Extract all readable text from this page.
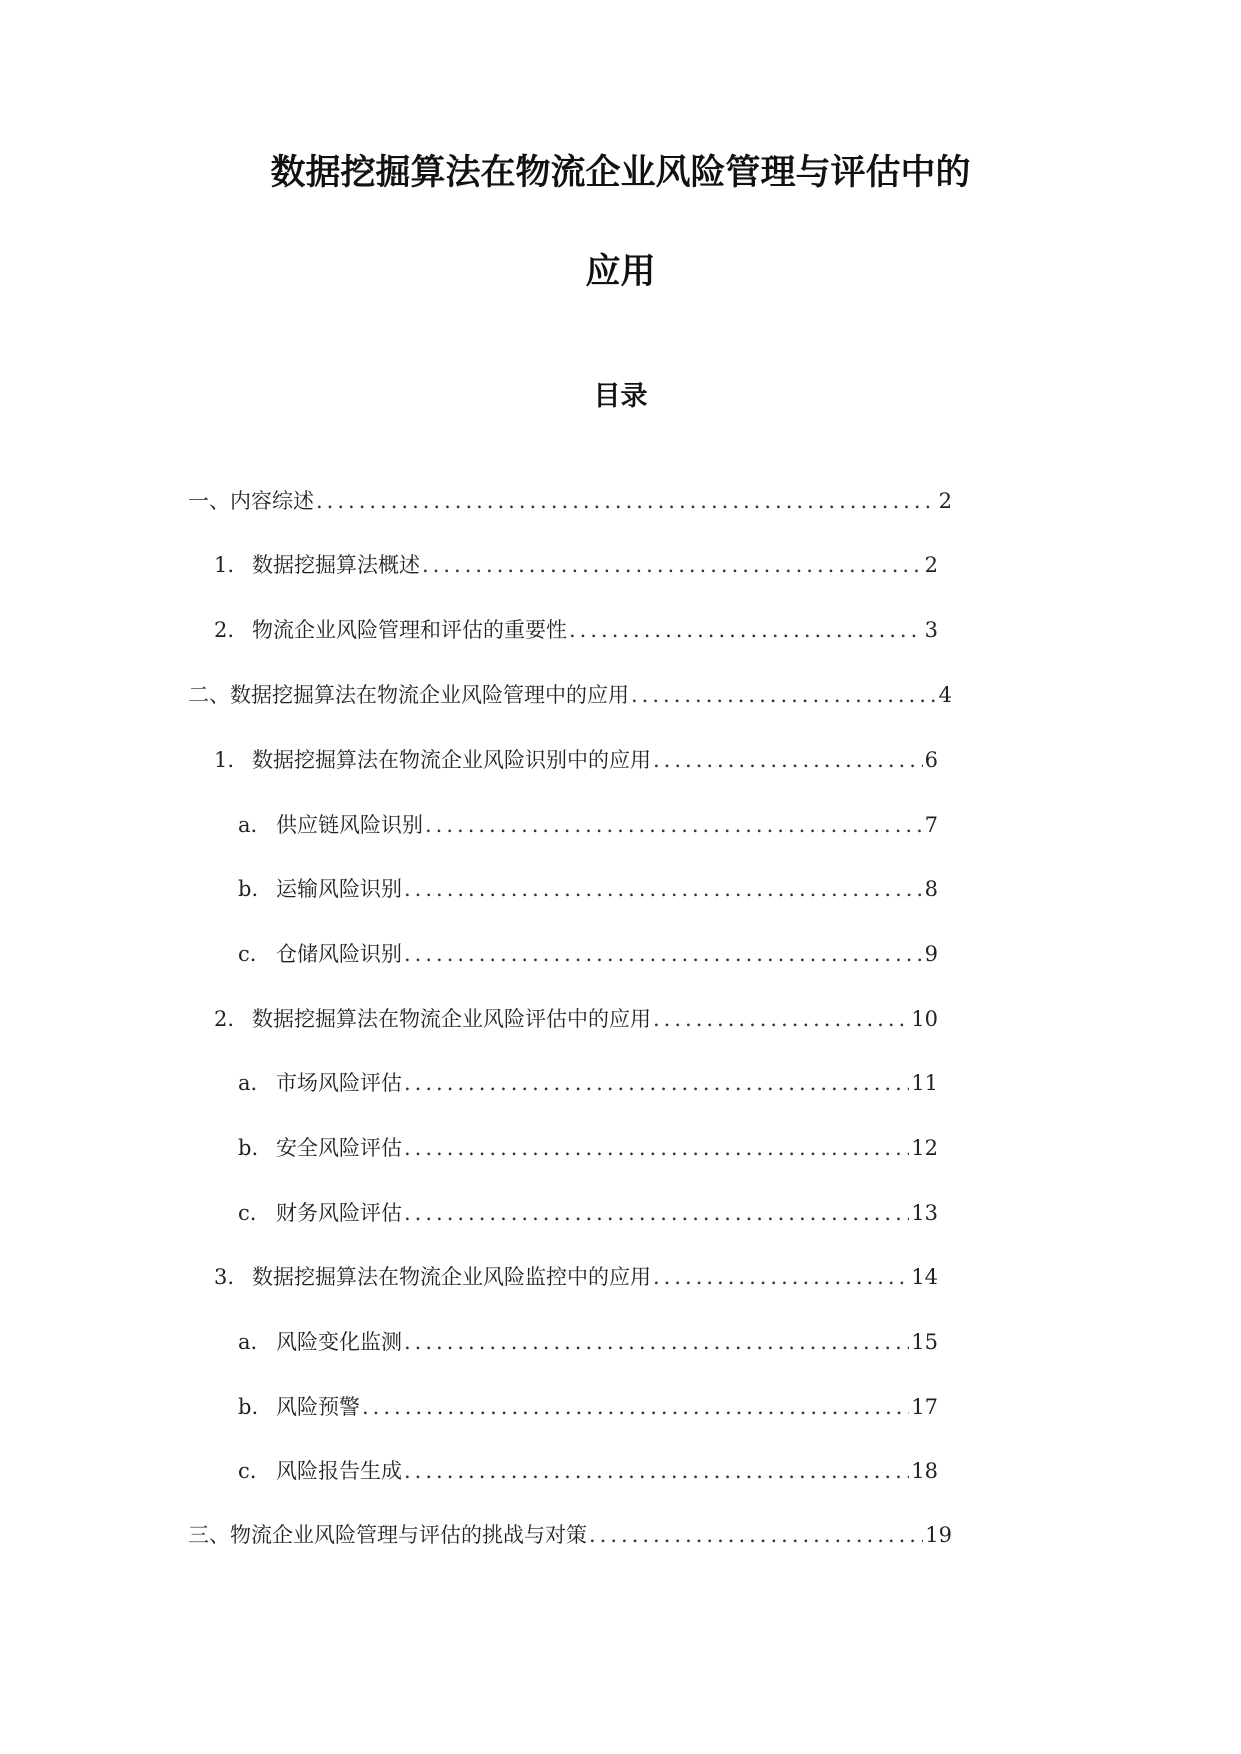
数据挖掘算法在物流企业风险管理与评估中的
应用
目录
一、内容综述 .....	2
1. 数据挖掘算法概述 .....	2
2. 物流企业风险管理和评估的重要性 .....	3
二、数据挖掘算法在物流企业风险管理中的应用 .....	4
1. 数据挖掘算法在物流企业风险识别中的应用 .....	6
a. 供应链风险识别 .....	7
b. 运输风险识别 .....	8
c. 仓储风险识别 .....	9
2. 数据挖掘算法在物流企业风险评估中的应用 .....	10
a. 市场风险评估 .....	11
b. 安全风险评估 .....	12
c. 财务风险评估 .....	13
3. 数据挖掘算法在物流企业风险监控中的应用 .....	14
a. 风险变化监测 .....	15
b. 风险预警 .....	17
c. 风险报告生成 .....	18
三、物流企业风险管理与评估的挑战与对策 .....	19
